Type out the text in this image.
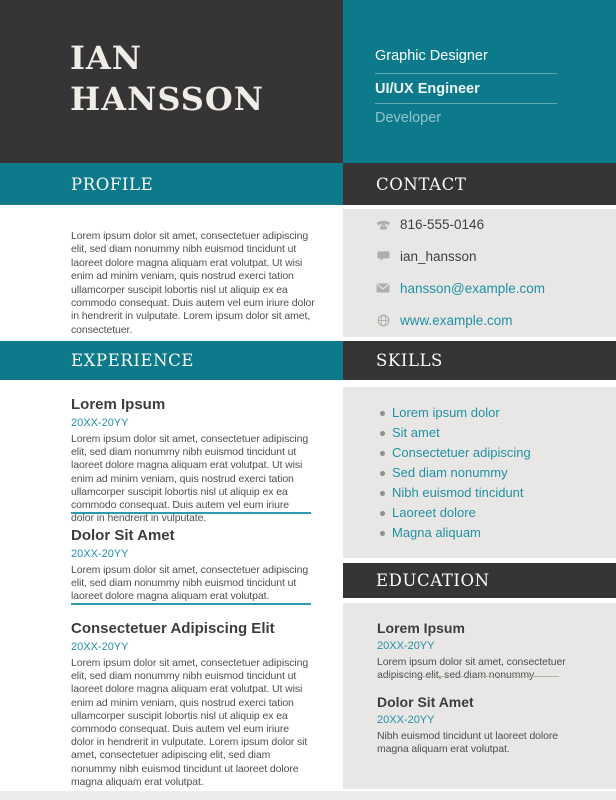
IAN
HANSSON
PROFILE

Lorem ipsum dolor sit amet, consectetuer adipiscing elit, sed diam nonummy nibh euismod tincidunt ut laoreet dolore magna aliquam erat volutpat. Ut wisi enim ad minim veniam, quis nostrud exerci tation ullamcorper suscipit lobortis nisl ut aliquip ex ea commodo consequat. Duis autem vel eum iriure dolor in hendrerit in vulputate. Lorem ipsum dolor sit amet, consectetuer.

EXPERIENCE
Lorem Ipsum
20XX-20YY
Lorem ipsum dolor sit amet, consectetuer adipiscing elit, sed diam nonummy nibh euismod tincidunt ut laoreet dolore magna aliquam erat volutpat. Ut wisi enim ad minim veniam, quis nostrud exerci tation ullamcorper suscipit lobortis nisl ut aliquip ex ea commodo consequat. Duis autem vel eum iriure dolor in hendrerit in vulputate.
Dolor Sit Amet
20XX-20YY
Lorem ipsum dolor sit amet, consectetuer adipiscing elit, sed diam nonummy nibh euismod tincidunt ut laoreet dolore magna aliquam erat volutpat.
Consectetuer Adipiscing Elit
20XX-20YY
Lorem ipsum dolor sit amet, consectetuer adipiscing elit, sed diam nonummy nibh euismod tincidunt ut laoreet dolore magna aliquam erat volutpat. Ut wisi enim ad minim veniam, quis nostrud exerci tation ullamcorper suscipit lobortis nisl ut aliquip ex ea commodo consequat. Duis autem vel eum iriure dolor in hendrerit in vulputate. Lorem ipsum dolor sit amet, consectetuer adipiscing elit, sed diam nonummy nibh euismod tincidunt ut laoreet dolore magna aliquam erat volutpat.
Graphic Designer
UI/UX Engineer
Developer
CONTACT
816-555-0146
ian_hansson
hansson@example.com
www.example.com
SKILLS
Lorem ipsum dolor
Sit amet
Consectetuer adipiscing
Sed diam nonummy
Nibh euismod tincidunt
Laoreet dolore
Magna aliquam
EDUCATION
Lorem Ipsum
20XX-20YY
Lorem ipsum dolor sit amet, consectetuer adipiscing elit, sed diam nonummy
Dolor Sit Amet
20XX-20YY
Nibh euismod tincidunt ut laoreet dolore magna aliquam erat volutpat.
